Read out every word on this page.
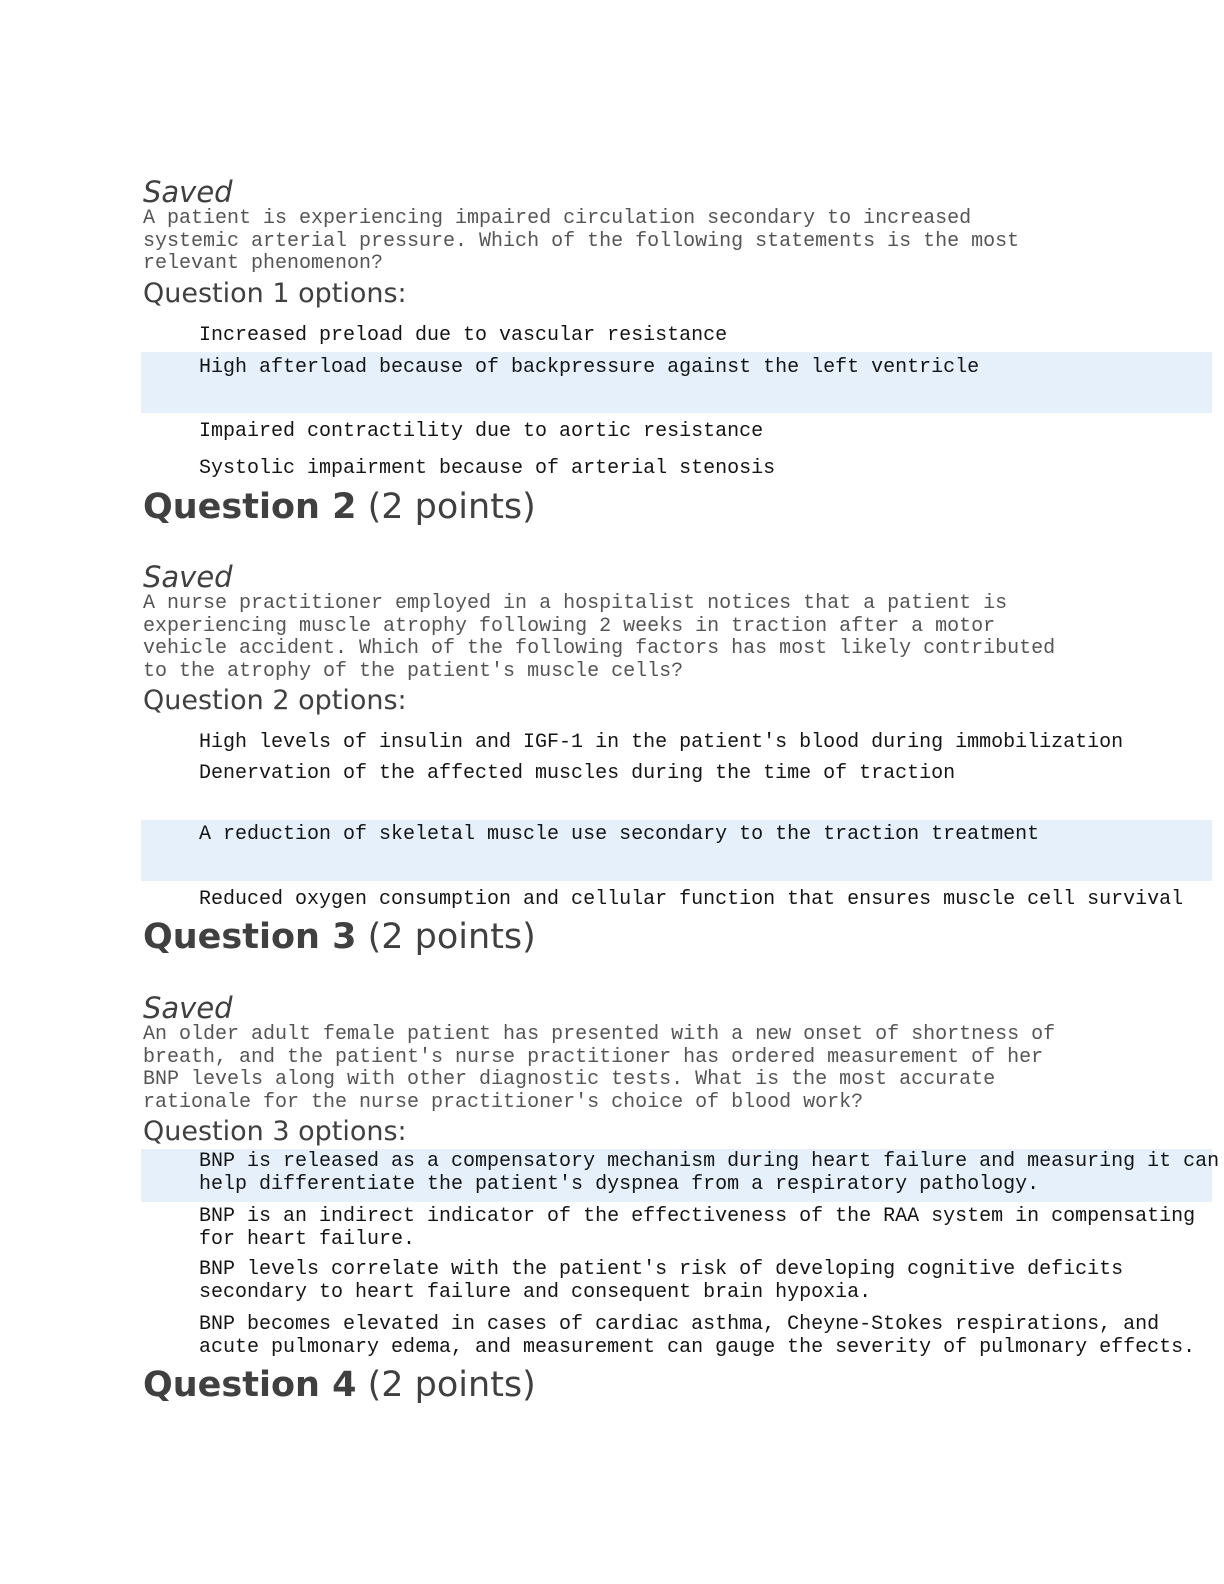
Saved
A patient is experiencing impaired circulation secondary to increased
systemic arterial pressure. Which of the following statements is the most
relevant phenomenon?
Question 1 options:
Increased preload due to vascular resistance
High afterload because of backpressure against the left ventricle
Impaired contractility due to aortic resistance
Systolic impairment because of arterial stenosis
Question 2 (2 points)
Saved
A nurse practitioner employed in a hospitalist notices that a patient is
experiencing muscle atrophy following 2 weeks in traction after a motor
vehicle accident. Which of the following factors has most likely contributed
to the atrophy of the patient's muscle cells?
Question 2 options:
High levels of insulin and IGF-1 in the patient's blood during immobilization
Denervation of the affected muscles during the time of traction
A reduction of skeletal muscle use secondary to the traction treatment
Reduced oxygen consumption and cellular function that ensures muscle cell survival
Question 3 (2 points)
Saved
An older adult female patient has presented with a new onset of shortness of
breath, and the patient's nurse practitioner has ordered measurement of her
BNP levels along with other diagnostic tests. What is the most accurate
rationale for the nurse practitioner's choice of blood work?
Question 3 options:
BNP is released as a compensatory mechanism during heart failure and measuring it can
help differentiate the patient's dyspnea from a respiratory pathology.
BNP is an indirect indicator of the effectiveness of the RAA system in compensating
for heart failure.
BNP levels correlate with the patient's risk of developing cognitive deficits
secondary to heart failure and consequent brain hypoxia.
BNP becomes elevated in cases of cardiac asthma, Cheyne-Stokes respirations, and
acute pulmonary edema, and measurement can gauge the severity of pulmonary effects.
Question 4 (2 points)
